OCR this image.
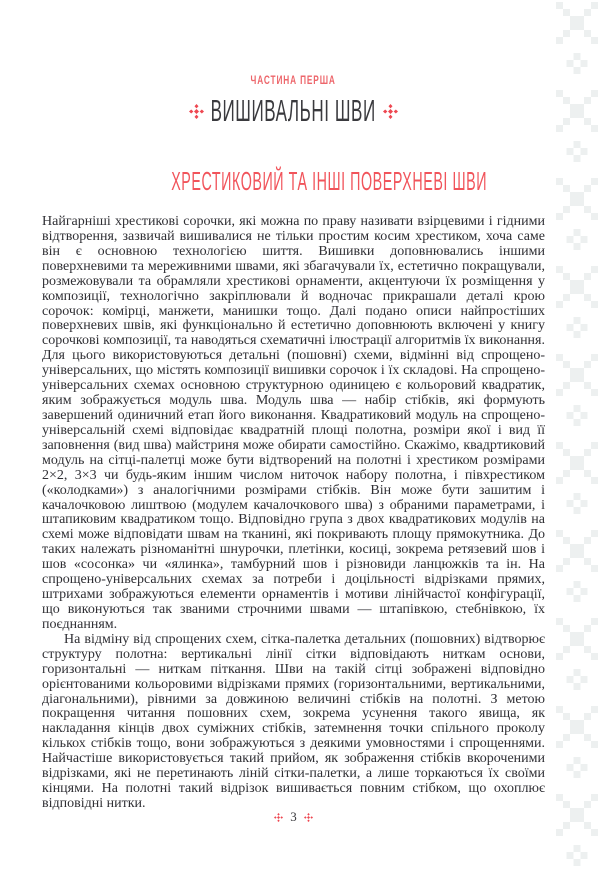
ЧАСТИНА ПЕРША
ВИШИВАЛЬНІ ШВИ
ХРЕСТИКОВИЙ ТА ІНШІ ПОВЕРХНЕВІ ШВИ

Найгарніші хрестикові сорочки, які можна по праву називати взірцевими і гідними відтворення, зазвичай вишивалися не тільки простим косим хрестиком, хоча саме він є основною технологією шиття. Вишивки доповнювались іншими поверхневими та мереживними швами, які збагачували їх, естетично покращували, розмежовували та обрамляли хрестикові орнаменти, акцентуючи їх розміщення у композиції, технологічно закріплювали й водночас прикрашали деталі крою сорочок: комірці, манжети, манишки тощо. Далі подано описи найпростіших поверхневих швів, які функціонально й естетично доповнюють включені у книгу сорочкові композиції, та наводяться схематичні ілюстрації алгоритмів їх виконання. Для цього використовуються детальні (пошовні) схеми, відмінні від спрощено-універсальних, що містять композиції вишивки сорочок і їх складові. На спрощено-універсальних схемах основною структурною одиницею є кольоровий квадратик, яким зображується модуль шва. Модуль шва — набір стібків, які формують завершений одиничний етап його виконання. Квадратиковий модуль на спрощено-універсальній схемі відповідає квадратній площі полотна, розміри якої і вид її заповнення (вид шва) майстриня може обирати самостійно. Скажімо, квадртиковий модуль на сітці-палетці може бути відтворений на полотні і хрестиком розмірами 2×2, 3×3 чи будь-яким іншим числом ниточок набору полотна, і півхрестиком («колодками») з аналогічними розмірами стібків. Він може бути зашитим і качалочковою лиштвою (модулем качалочкового шва) з обраними параметрами, і штапиковим квадратиком тощо. Відповідно група з двох квадратикових модулів на схемі може відповідати швам на тканині, які покривають площу прямокутника. До таких належать різноманітні шнурочки, плетінки, косиці, зокрема ретязевий шов і шов «сосонка» чи «ялинка», тамбурний шов і різновиди ланцюжків та ін. На спрощено-універсальних схемах за потреби і доцільності відрізками прямих, штрихами зображуються елементи орнаментів і мотиви лінійчастої конфігурації, що виконуються так званими строчними швами — штапівкою, стебнівкою, їх поєднанням.

На відміну від спрощених схем, сітка-палетка детальних (пошовних) відтворює структуру полотна: вертикальні лінії сітки відповідають ниткам основи, горизонтальні — ниткам піткання. Шви на такій сітці зображені відповідно орієнтованими кольоровими відрізками прямих (горизонтальними, вертикальними, діагональними), рівними за довжиною величині стібків на полотні. З метою покращення читання пошовних схем, зокрема усунення такого явища, як накладання кінців двох суміжних стібків, затемнення точки спільного проколу кількох стібків тощо, вони зображуються з деякими умовностями і спрощеннями. Найчастіше використовується такий прийом, як зображення стібків вкороченими відрізками, які не перетинають ліній сітки-палетки, а лише торкаються їх своїми кінцями. На полотні такий відрізок вишивається повним стібком, що охоплює відповідні нитки.

3
